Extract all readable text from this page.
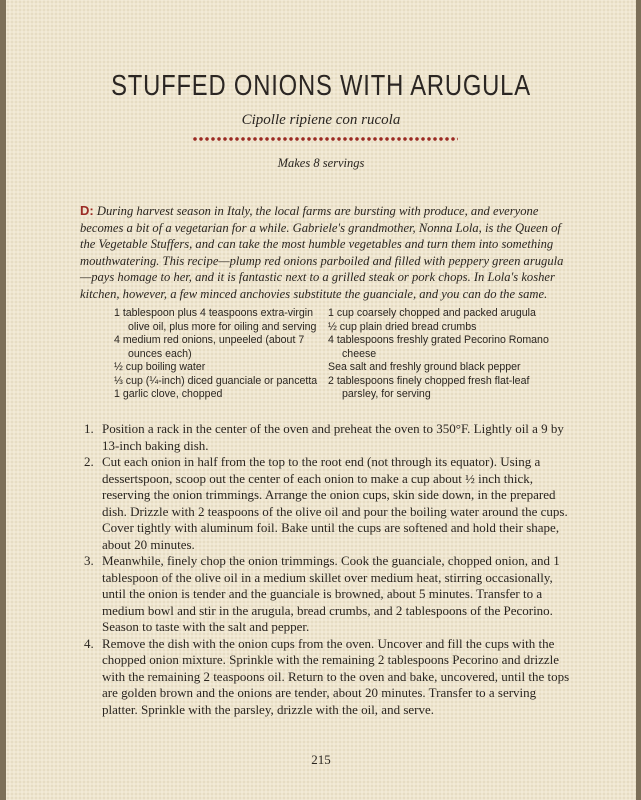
STUFFED ONIONS WITH ARUGULA
Cipolle ripiene con rucola
Makes 8 servings
D: During harvest season in Italy, the local farms are bursting with produce, and everyone becomes a bit of a vegetarian for a while. Gabriele's grandmother, Nonna Lola, is the Queen of the Vegetable Stuffers, and can take the most humble vegetables and turn them into something mouthwatering. This recipe—plump red onions parboiled and filled with peppery green arugula—pays homage to her, and it is fantastic next to a grilled steak or pork chops. In Lola's kosher kitchen, however, a few minced anchovies substitute the guanciale, and you can do the same.
1 tablespoon plus 4 teaspoons extra-virgin olive oil, plus more for oiling and serving
4 medium red onions, unpeeled (about 7 ounces each)
½ cup boiling water
⅓ cup (¼-inch) diced guanciale or pancetta
1 garlic clove, chopped
1 cup coarsely chopped and packed arugula
½ cup plain dried bread crumbs
4 tablespoons freshly grated Pecorino Romano cheese
Sea salt and freshly ground black pepper
2 tablespoons finely chopped fresh flat-leaf parsley, for serving
1. Position a rack in the center of the oven and preheat the oven to 350°F. Lightly oil a 9 by 13-inch baking dish.
2. Cut each onion in half from the top to the root end (not through its equator). Using a dessertspoon, scoop out the center of each onion to make a cup about ½ inch thick, reserving the onion trimmings. Arrange the onion cups, skin side down, in the prepared dish. Drizzle with 2 teaspoons of the olive oil and pour the boiling water around the cups. Cover tightly with aluminum foil. Bake until the cups are softened and hold their shape, about 20 minutes.
3. Meanwhile, finely chop the onion trimmings. Cook the guanciale, chopped onion, and 1 tablespoon of the olive oil in a medium skillet over medium heat, stirring occasionally, until the onion is tender and the guanciale is browned, about 5 minutes. Transfer to a medium bowl and stir in the arugula, bread crumbs, and 2 tablespoons of the Pecorino. Season to taste with the salt and pepper.
4. Remove the dish with the onion cups from the oven. Uncover and fill the cups with the chopped onion mixture. Sprinkle with the remaining 2 tablespoons Pecorino and drizzle with the remaining 2 teaspoons oil. Return to the oven and bake, uncovered, until the tops are golden brown and the onions are tender, about 20 minutes. Transfer to a serving platter. Sprinkle with the parsley, drizzle with the oil, and serve.
215
